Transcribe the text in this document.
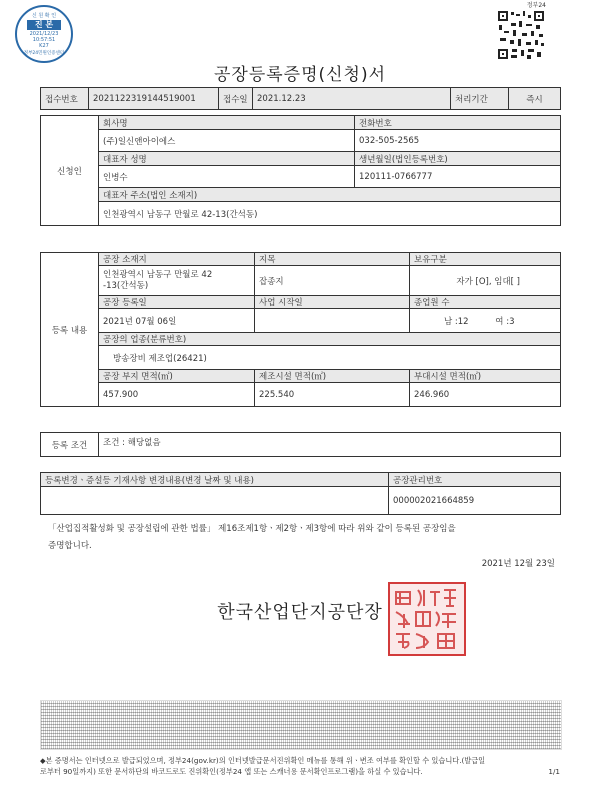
신 원 확 인
진 본
2021/12/23
10:57:51
K27
정부24민원인증센터
정부24
공장등록증명(신청)서
접수번호	20211223191445190​01	접수일	2021.12.23	처리기간	즉시
신청인	회사명	전화번호
	(주)일신앤아이에스	032-505-2565
	대표자 성명	생년월일(법인등록번호)
	인병수	120111-0766777
	대표자 주소(법인 소재지)	
	인천광역시 남동구 만월로 42-13(간석동)	
등록 내용	공장 소재지	지목	보유구분

	인천광역시 남동구 만월로 42
-13(간석동)	잡종지	자가 [O], 임대[ ]
	공장 등록일	사업 시작일	종업원 수
	2021년 07월 06일		남 :12 여 :3
	공장의 업종(분류번호)		
	방송장비 제조업(26421)		
	공장 부지 면적(㎡)	제조시설 면적(㎡)	부대시설 면적(㎡)
	457.900	225.540	246.960
등록 조건	조건 : 해당없음
등록변경ㆍ증설등 기재사항 변경내용(변경 날짜 및 내용)	공장관리번호
	000002021664859
「산업집적활성화 및 공장설립에 관한 법률」 제16조제1항ㆍ제2항ㆍ제3항에 따라 위와 같이 등록된 공장임을
증명합니다.
2021년 12월 23일
한국산업단지공단장
◆본 증명서는 인터넷으로 발급되었으며, 정부24(gov.kr)의 인터넷발급문서진위확인 메뉴를 통해 위ㆍ변조 여부를 확인할 수 있습니다.(발급일
로부터 90일까지) 또한 문서하단의 바코드로도 진위확인(정부24 앱 또는 스캐너용 문서확인프로그램)을 하실 수 있습니다.	1/1
